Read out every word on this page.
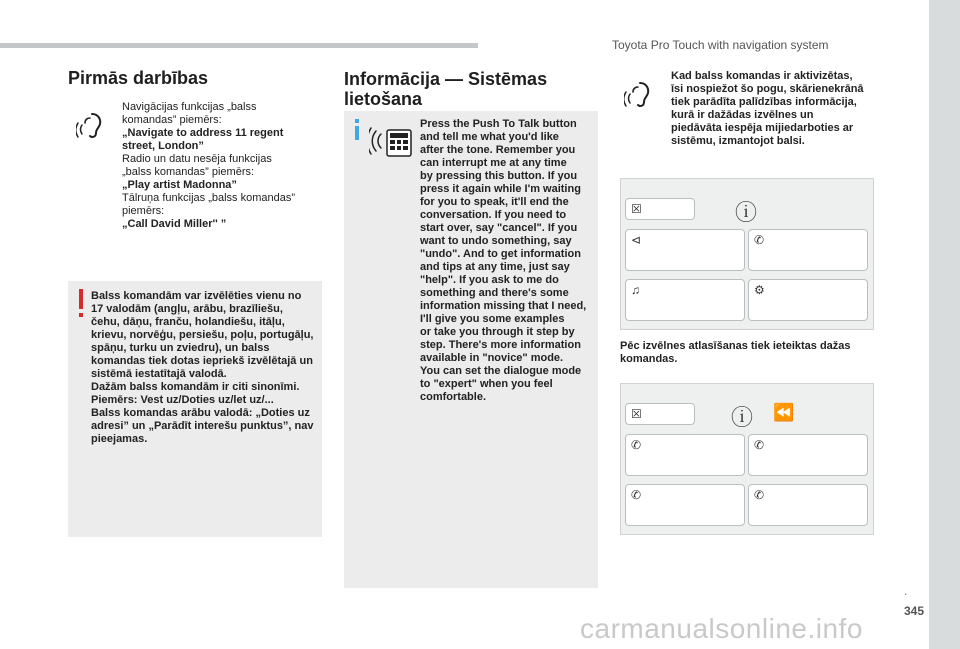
Toyota Pro Touch with navigation system
Pirmās darbības
Navigācijas funkcijas „balss
komandas” piemērs:
„Navigate to address 11 regent
street, London”
Radio un datu nesēja funkcijas
„balss komandas” piemērs:
„Play artist Madonna”
Tālruņa funkcijas „balss komandas”
piemērs:
„Call David Miller'' ”
Balss komandām var izvēlēties vienu no
17 valodām (angļu, arābu, brazīliešu,
čehu, dāņu, franču, holandiešu, itāļu,
krievu, norvēģu, persiešu, poļu, portugāļu,
spāņu, turku un zviedru), un balss
komandas tiek dotas iepriekš izvēlētajā un
sistēmā iestatītajā valodā.
Dažām balss komandām ir citi sinonīmi.
Piemērs: Vest uz/Doties uz/let uz/...
Balss komandas arābu valodā: „Doties uz
adresi” un „Parādīt interešu punktus”, nav
pieejamas.
Informācija — Sistēmas
lietošana
Press the Push To Talk button
and tell me what you'd like
after the tone. Remember you
can interrupt me at any time
by pressing this button. If you
press it again while I'm waiting
for you to speak, it'll end the
conversation. If you need to
start over, say "cancel". If you
want to undo something, say
"undo". And to get information
and tips at any time, just say
"help". If you ask to me do
something and there's some
information missing that I need,
I'll give you some examples
or take you through it step by
step. There's more information
available in "novice" mode.
You can set the dialogue mode
to "expert" when you feel
comfortable.
Kad balss komandas ir aktivizētas,
īsi nospiežot šo pogu, skārienekrānā
tiek parādīta palīdzības informācija,
kurā ir dažādas izvēlnes un
piedāvāta iespēja mijiedarboties ar
sistēmu, izmantojot balsi.
☒	ⓘ
⊲	✆
♫	⚙
Pēc izvēlnes atlasīšanas tiek ieteiktas dažas
komandas.
☒	ⓘ ⏪
✆	✆
✆	✆
.
345
carmanualsonline.info
